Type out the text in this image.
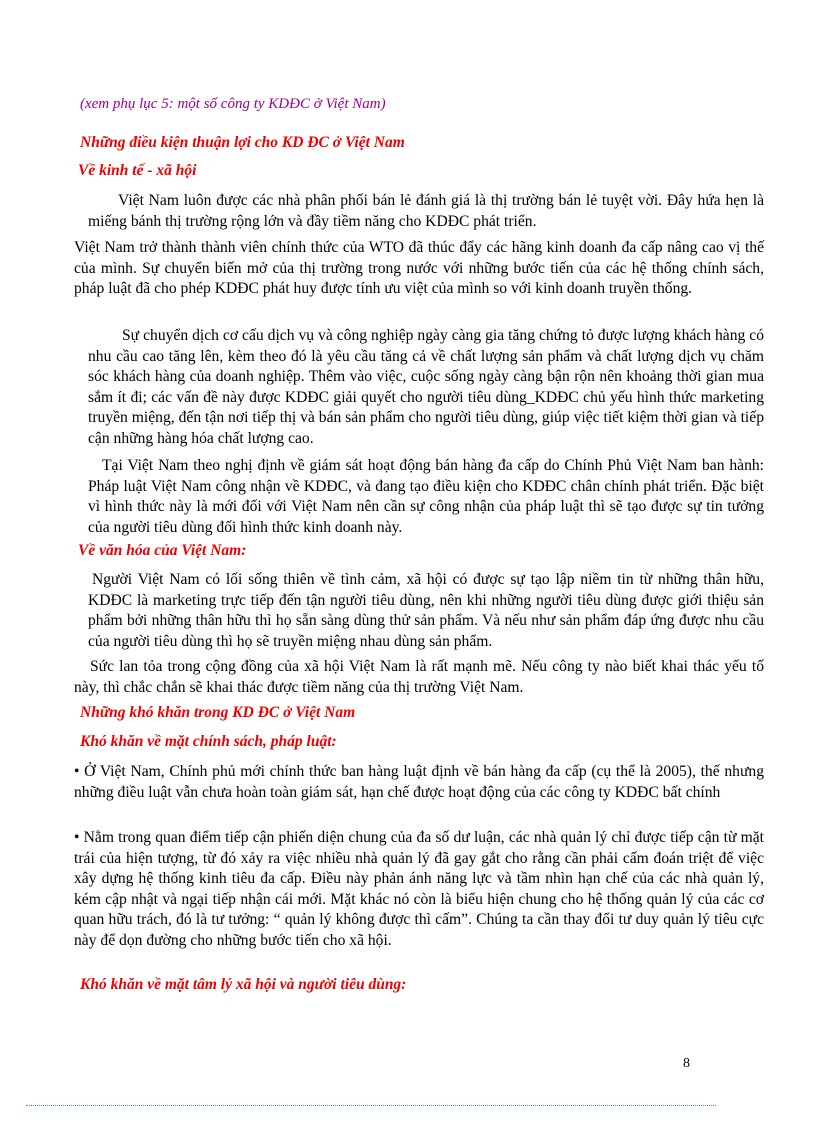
(xem phụ lục 5: một số công ty KDĐC ở Việt Nam)
Những điều kiện thuận lợi cho KD ĐC ở Việt Nam
Về kinh tế - xã hội
Việt Nam luôn được các nhà phân phối bán lẻ đánh giá là thị trường bán lẻ tuyệt vời. Đây hứa hẹn là miếng bánh thị trường rộng lớn và đầy tiềm năng cho KDĐC phát triển.
Việt Nam trở thành thành viên chính thức của WTO đã thúc đẩy các hãng kinh doanh đa cấp nâng cao vị thế của mình. Sự chuyển biến mở của thị trường trong nước với những bước tiến của các hệ thống chính sách, pháp luật đã cho phép KDĐC phát huy được tính ưu việt của mình so với kinh doanh truyền thống.
Sự chuyển dịch cơ cấu dịch vụ và công nghiệp ngày càng gia tăng chứng tỏ được lượng khách hàng có nhu cầu cao tăng lên, kèm theo đó là yêu cầu tăng cả về chất lượng sản phẩm và chất lượng dịch vụ chăm sóc khách hàng của doanh nghiệp. Thêm vào việc, cuộc sống ngày càng bận rộn nên khoảng thời gian mua sắm ít đi; các vấn đề này được KDĐC giải quyết cho người tiêu dùng_KDĐC chủ yếu hình thức marketing truyền miệng, đến tận nơi tiếp thị và bán sản phẩm cho người tiêu dùng, giúp việc tiết kiệm thời gian và tiếp cận những hàng hóa chất lượng cao.
Tại Việt Nam theo nghị định về giám sát hoạt động bán hàng đa cấp do Chính Phủ Việt Nam ban hành: Pháp luật Việt Nam công nhận về KDĐC, và đang tạo điều kiện cho KDĐC chân chính phát triển. Đặc biệt vì hình thức này là mới đối với Việt Nam nên cần sự công nhận của pháp luật thì sẽ tạo được sự tin tưởng của người tiêu dùng đối hình thức kinh doanh này.
Về văn hóa của Việt Nam:
Người Việt Nam có lối sống thiên về tình cảm, xã hội có được sự tạo lập niềm tin từ những thân hữu, KDĐC là marketing trực tiếp đến tận người tiêu dùng, nên khi những người tiêu dùng được giới thiệu sản phẩm bởi những thân hữu thì họ sẵn sàng dùng thử sản phẩm. Và nếu như sản phẩm đáp ứng được nhu cầu của người tiêu dùng thì họ sẽ truyền miệng nhau dùng sản phẩm.
Sức lan tỏa trong cộng đồng của xã hội Việt Nam là rất mạnh mẽ. Nếu công ty nào biết khai thác yếu tố này, thì chắc chắn sẽ khai thác được tiềm năng của thị trường Việt Nam.
Những khó khăn trong KD ĐC ở Việt Nam
Khó khăn về mặt chính sách, pháp luật:
• Ở Việt Nam, Chính phủ mới chính thức ban hàng luật định về bán hàng đa cấp (cụ thể là 2005), thế nhưng những điều luật vẫn chưa hoàn toàn giám sát, hạn chế được hoạt động của các công ty KDĐC bất chính
• Nằm trong quan điểm tiếp cận phiến diện chung của đa số dư luận, các nhà quản lý chỉ được tiếp cận từ mặt trái của hiện tượng, từ đó xảy ra việc nhiều nhà quản lý đã gay gắt cho rằng cần phải cấm đoán triệt để việc xây dựng hệ thống kinh tiêu đa cấp. Điều này phản ánh năng lực và tầm nhìn hạn chế của các nhà quản lý, kém cập nhật và ngại tiếp nhận cái mới. Mặt khác nó còn là biểu hiện chung cho hệ thống quản lý của các cơ quan hữu trách, đó là tư tưởng: “ quản lý không được thì cấm”. Chúng ta cần thay đổi tư duy quản lý tiêu cực này để dọn đường cho những bước tiến cho xã hội.
Khó khăn về mặt tâm lý xã hội và người tiêu dùng:
8
